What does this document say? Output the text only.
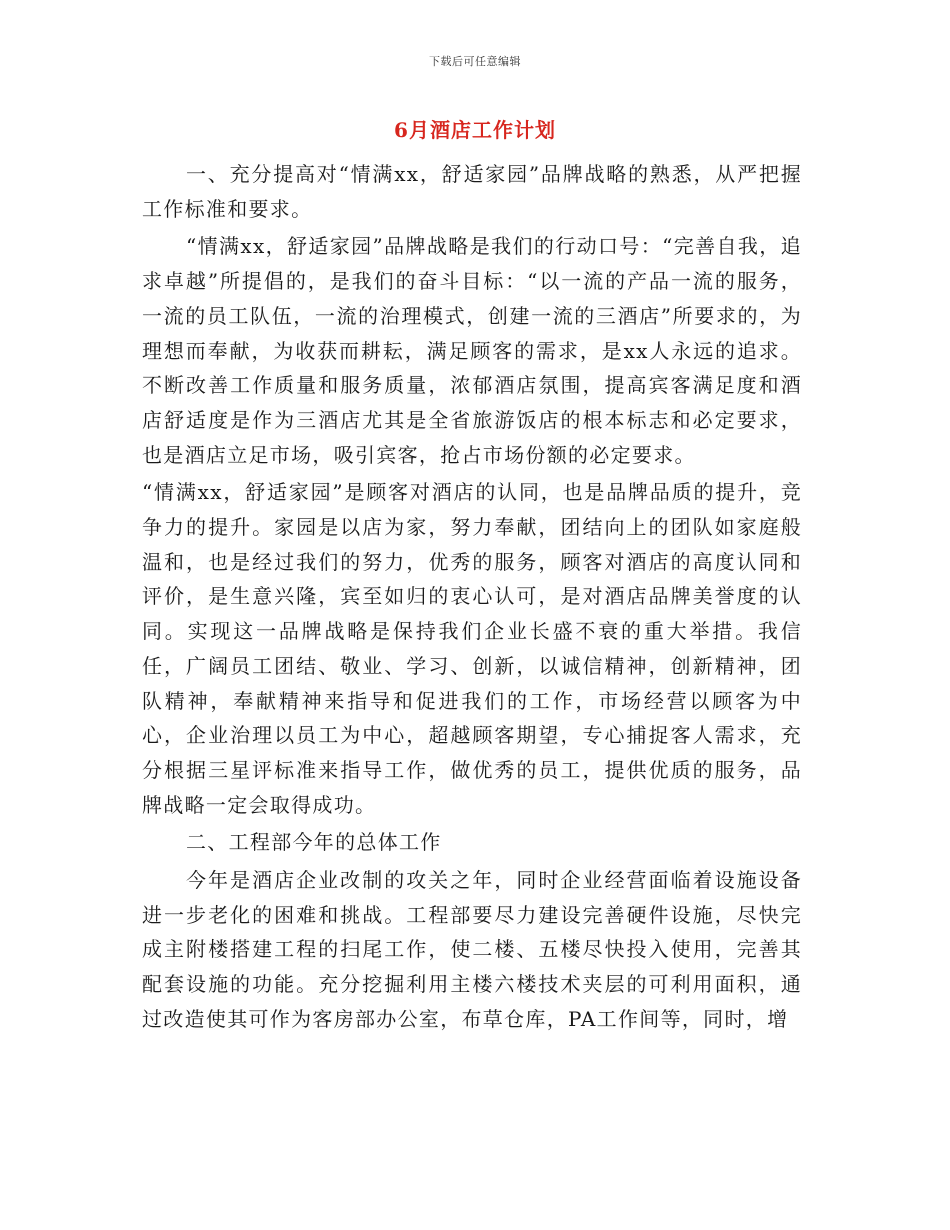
下载后可任意编辑
6月酒店工作计划

一、充分提高对“情满xx，舒适家园”品牌战略的熟悉，从严把握工作标准和要求。

“情满xx，舒适家园”品牌战略是我们的行动口号：“完善自我，追求卓越”所提倡的，是我们的奋斗目标：“以一流的产品一流的服务，一流的员工队伍，一流的治理模式，创建一流的三酒店”所要求的，为理想而奉献，为收获而耕耘，满足顾客的需求，是xx人永远的追求。不断改善工作质量和服务质量，浓郁酒店氛围，提高宾客满足度和酒店舒适度是作为三酒店尤其是全省旅游饭店的根本标志和必定要求，也是酒店立足市场，吸引宾客，抢占市场份额的必定要求。

“情满xx，舒适家园”是顾客对酒店的认同，也是品牌品质的提升，竞争力的提升。家园是以店为家，努力奉献，团结向上的团队如家庭般温和，也是经过我们的努力，优秀的服务，顾客对酒店的高度认同和评价，是生意兴隆，宾至如归的衷心认可，是对酒店品牌美誉度的认同。实现这一品牌战略是保持我们企业长盛不衰的重大举措。我信任，广阔员工团结、敬业、学习、创新，以诚信精神，创新精神，团队精神，奉献精神来指导和促进我们的工作，市场经营以顾客为中心，企业治理以员工为中心，超越顾客期望，专心捕捉客人需求，充分根据三星评标准来指导工作，做优秀的员工，提供优质的服务，品牌战略一定会取得成功。

二、工程部今年的总体工作

今年是酒店企业改制的攻关之年，同时企业经营面临着设施设备进一步老化的困难和挑战。工程部要尽力建设完善硬件设施，尽快完成主附楼搭建工程的扫尾工作，使二楼、五楼尽快投入使用，完善其配套设施的功能。充分挖掘利用主楼六楼技术夹层的可利用面积，通过改造使其可作为客房部办公室，布草仓库，PA工作间等，同时，增
